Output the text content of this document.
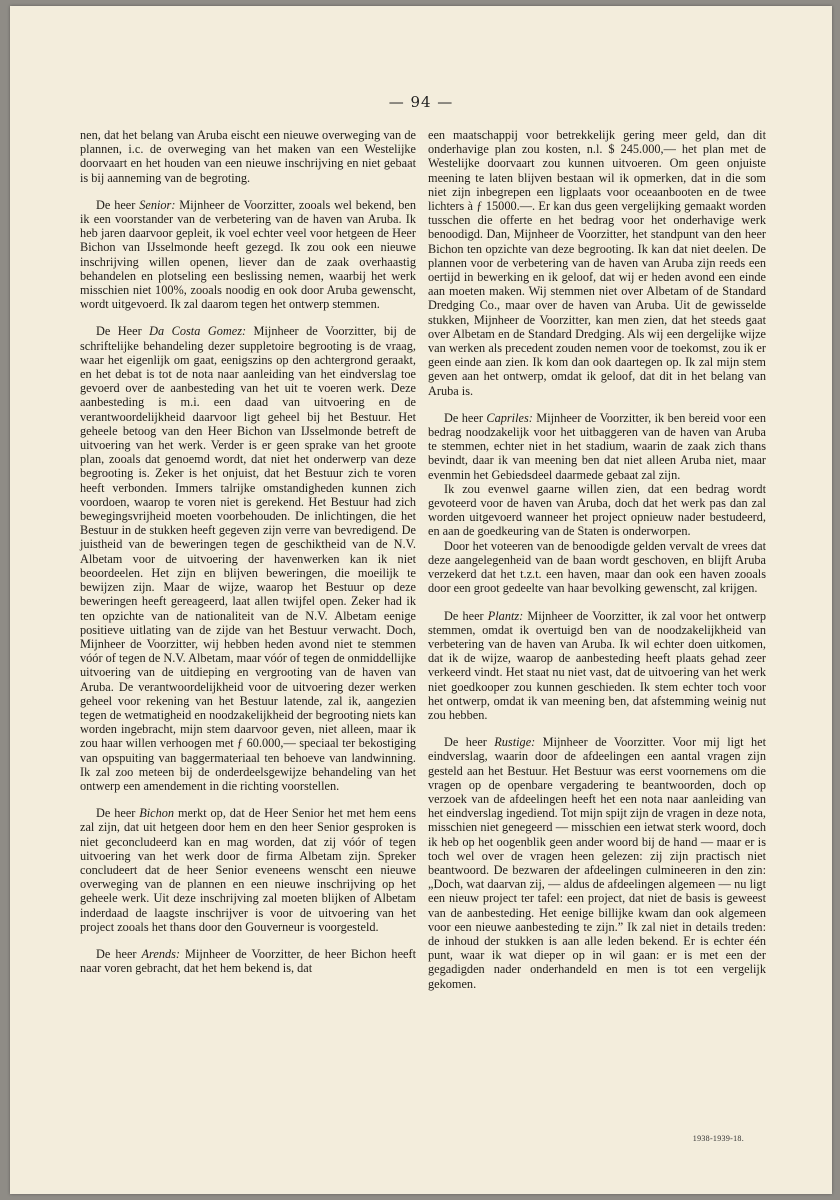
— 94 —

nen, dat het belang van Aruba eischt een nieuwe overweging van de plannen, i.c. de overweging van het maken van een Westelijke doorvaart en het houden van een nieuwe inschrijving en niet gebaat is bij aanneming van de begroting.

De heer Senior: Mijnheer de Voorzitter, zooals wel bekend, ben ik een voorstander van de verbetering van de haven van Aruba. Ik heb jaren daarvoor gepleit, ik voel echter veel voor hetgeen de Heer Bichon van IJsselmonde heeft gezegd. Ik zou ook een nieuwe inschrijving willen openen, liever dan de zaak overhaastig behandelen en plotseling een beslissing nemen, waarbij het werk misschien niet 100%, zooals noodig en ook door Aruba gewenscht, wordt uitgevoerd. Ik zal daarom tegen het ontwerp stemmen.

De Heer Da Costa Gomez: Mijnheer de Voorzitter, bij de schriftelijke behandeling dezer suppletoire begrooting is de vraag, waar het eigenlijk om gaat, eenigszins op den achtergrond geraakt, en het debat is tot de nota naar aanleiding van het eindverslag toe gevoerd over de aanbesteding van het uit te voeren werk. Deze aanbesteding is m.i. een daad van uitvoering en de verantwoordelijkheid daarvoor ligt geheel bij het Bestuur. Het geheele betoog van den Heer Bichon van IJsselmonde betreft de uitvoering van het werk. Verder is er geen sprake van het groote plan, zooals dat genoemd wordt, dat niet het onderwerp van deze begrooting is. Zeker is het onjuist, dat het Bestuur zich te voren heeft verbonden. Immers talrijke omstandigheden kunnen zich voordoen, waarop te voren niet is gerekend. Het Bestuur had zich bewegingsvrijheid moeten voorbehouden. De inlichtingen, die het Bestuur in de stukken heeft gegeven zijn verre van bevredigend. De juistheid van de beweringen tegen de geschiktheid van de N.V. Albetam voor de uitvoering der havenwerken kan ik niet beoordeelen. Het zijn en blijven beweringen, die moeilijk te bewijzen zijn. Maar de wijze, waarop het Bestuur op deze beweringen heeft gereageerd, laat allen twijfel open. Zeker had ik ten opzichte van de nationaliteit van de N.V. Albetam eenige positieve uitlating van de zijde van het Bestuur verwacht. Doch, Mijnheer de Voorzitter, wij hebben heden avond niet te stemmen vóór of tegen de N.V. Albetam, maar vóór of tegen de onmiddellijke uitvoering van de uitdieping en vergrooting van de haven van Aruba. De verantwoordelijkheid voor de uitvoering dezer werken geheel voor rekening van het Bestuur latende, zal ik, aangezien tegen de wetmatigheid en noodzakelijkheid der begrooting niets kan worden ingebracht, mijn stem daarvoor geven, niet alleen, maar ik zou haar willen verhoogen met ƒ 60.000,— speciaal ter bekostiging van opspuiting van baggermateriaal ten behoeve van landwinning. Ik zal zoo meteen bij de onderdeelsgewijze behandeling van het ontwerp een amendement in die richting voorstellen.

De heer Bichon merkt op, dat de Heer Senior het met hem eens zal zijn, dat uit hetgeen door hem en den heer Senior gesproken is niet geconcludeerd kan en mag worden, dat zij vóór of tegen uitvoering van het werk door de firma Albetam zijn. Spreker concludeert dat de heer Senior eveneens wenscht een nieuwe overweging van de plannen en een nieuwe inschrijving op het geheele werk. Uit deze inschrijving zal moeten blijken of Albetam inderdaad de laagste inschrijver is voor de uitvoering van het project zooals het thans door den Gouverneur is voorgesteld.

De heer Arends: Mijnheer de Voorzitter, de heer Bichon heeft naar voren gebracht, dat het hem bekend is, dat

een maatschappij voor betrekkelijk gering meer geld, dan dit onderhavige plan zou kosten, n.l. $ 245.000,— het plan met de Westelijke doorvaart zou kunnen uitvoeren. Om geen onjuiste meening te laten blijven bestaan wil ik opmerken, dat in die som niet zijn inbegrepen een ligplaats voor oceaanbooten en de twee lichters à ƒ 15000.—. Er kan dus geen vergelijking gemaakt worden tusschen die offerte en het bedrag voor het onderhavige werk benoodigd. Dan, Mijnheer de Voorzitter, het standpunt van den heer Bichon ten opzichte van deze begrooting. Ik kan dat niet deelen. De plannen voor de verbetering van de haven van Aruba zijn reeds een oertijd in bewerking en ik geloof, dat wij er heden avond een einde aan moeten maken. Wij stemmen niet over Albetam of de Standard Dredging Co., maar over de haven van Aruba. Uit de gewisselde stukken, Mijnheer de Voorzitter, kan men zien, dat het steeds gaat over Albetam en de Standard Dredging. Als wij een dergelijke wijze van werken als precedent zouden nemen voor de toekomst, zou ik er geen einde aan zien. Ik kom dan ook daartegen op. Ik zal mijn stem geven aan het ontwerp, omdat ik geloof, dat dit in het belang van Aruba is.

De heer Capriles: Mijnheer de Voorzitter, ik ben bereid voor een bedrag noodzakelijk voor het uitbaggeren van de haven van Aruba te stemmen, echter niet in het stadium, waarin de zaak zich thans bevindt, daar ik van meening ben dat niet alleen Aruba niet, maar evenmin het Gebiedsdeel daarmede gebaat zal zijn.

Ik zou evenwel gaarne willen zien, dat een bedrag wordt gevoteerd voor de haven van Aruba, doch dat het werk pas dan zal worden uitgevoerd wanneer het project opnieuw nader bestudeerd, en aan de goedkeuring van de Staten is onderworpen.

Door het voteeren van de benoodigde gelden vervalt de vrees dat deze aangelegenheid van de baan wordt geschoven, en blijft Aruba verzekerd dat het t.z.t. een haven, maar dan ook een haven zooals door een groot gedeelte van haar bevolking gewenscht, zal krijgen.

De heer Plantz: Mijnheer de Voorzitter, ik zal voor het ontwerp stemmen, omdat ik overtuigd ben van de noodzakelijkheid van verbetering van de haven van Aruba. Ik wil echter doen uitkomen, dat ik de wijze, waarop de aanbesteding heeft plaats gehad zeer verkeerd vindt. Het staat nu niet vast, dat de uitvoering van het werk niet goedkooper zou kunnen geschieden. Ik stem echter toch voor het ontwerp, omdat ik van meening ben, dat afstemming weinig nut zou hebben.

De heer Rustige: Mijnheer de Voorzitter. Voor mij ligt het eindverslag, waarin door de afdeelingen een aantal vragen zijn gesteld aan het Bestuur. Het Bestuur was eerst voornemens om die vragen op de openbare vergadering te beantwoorden, doch op verzoek van de afdeelingen heeft het een nota naar aanleiding van het eindverslag ingediend. Tot mijn spijt zijn de vragen in deze nota, misschien niet genegeerd — misschien een ietwat sterk woord, doch ik heb op het oogenblik geen ander woord bij de hand — maar er is toch wel over de vragen heen gelezen: zij zijn practisch niet beantwoord. De bezwaren der afdeelingen culmineeren in den zin: „Doch, wat daarvan zij, — aldus de afdeelingen algemeen — nu ligt een nieuw project ter tafel: een project, dat niet de basis is geweest van de aanbesteding. Het eenige billijke kwam dan ook algemeen voor een nieuwe aanbesteding te zijn.” Ik zal niet in details treden: de inhoud der stukken is aan alle leden bekend. Er is echter één punt, waar ik wat dieper op in wil gaan: er is met een der gegadigden nader onderhandeld en men is tot een vergelijk gekomen.

1938-1939-18.
